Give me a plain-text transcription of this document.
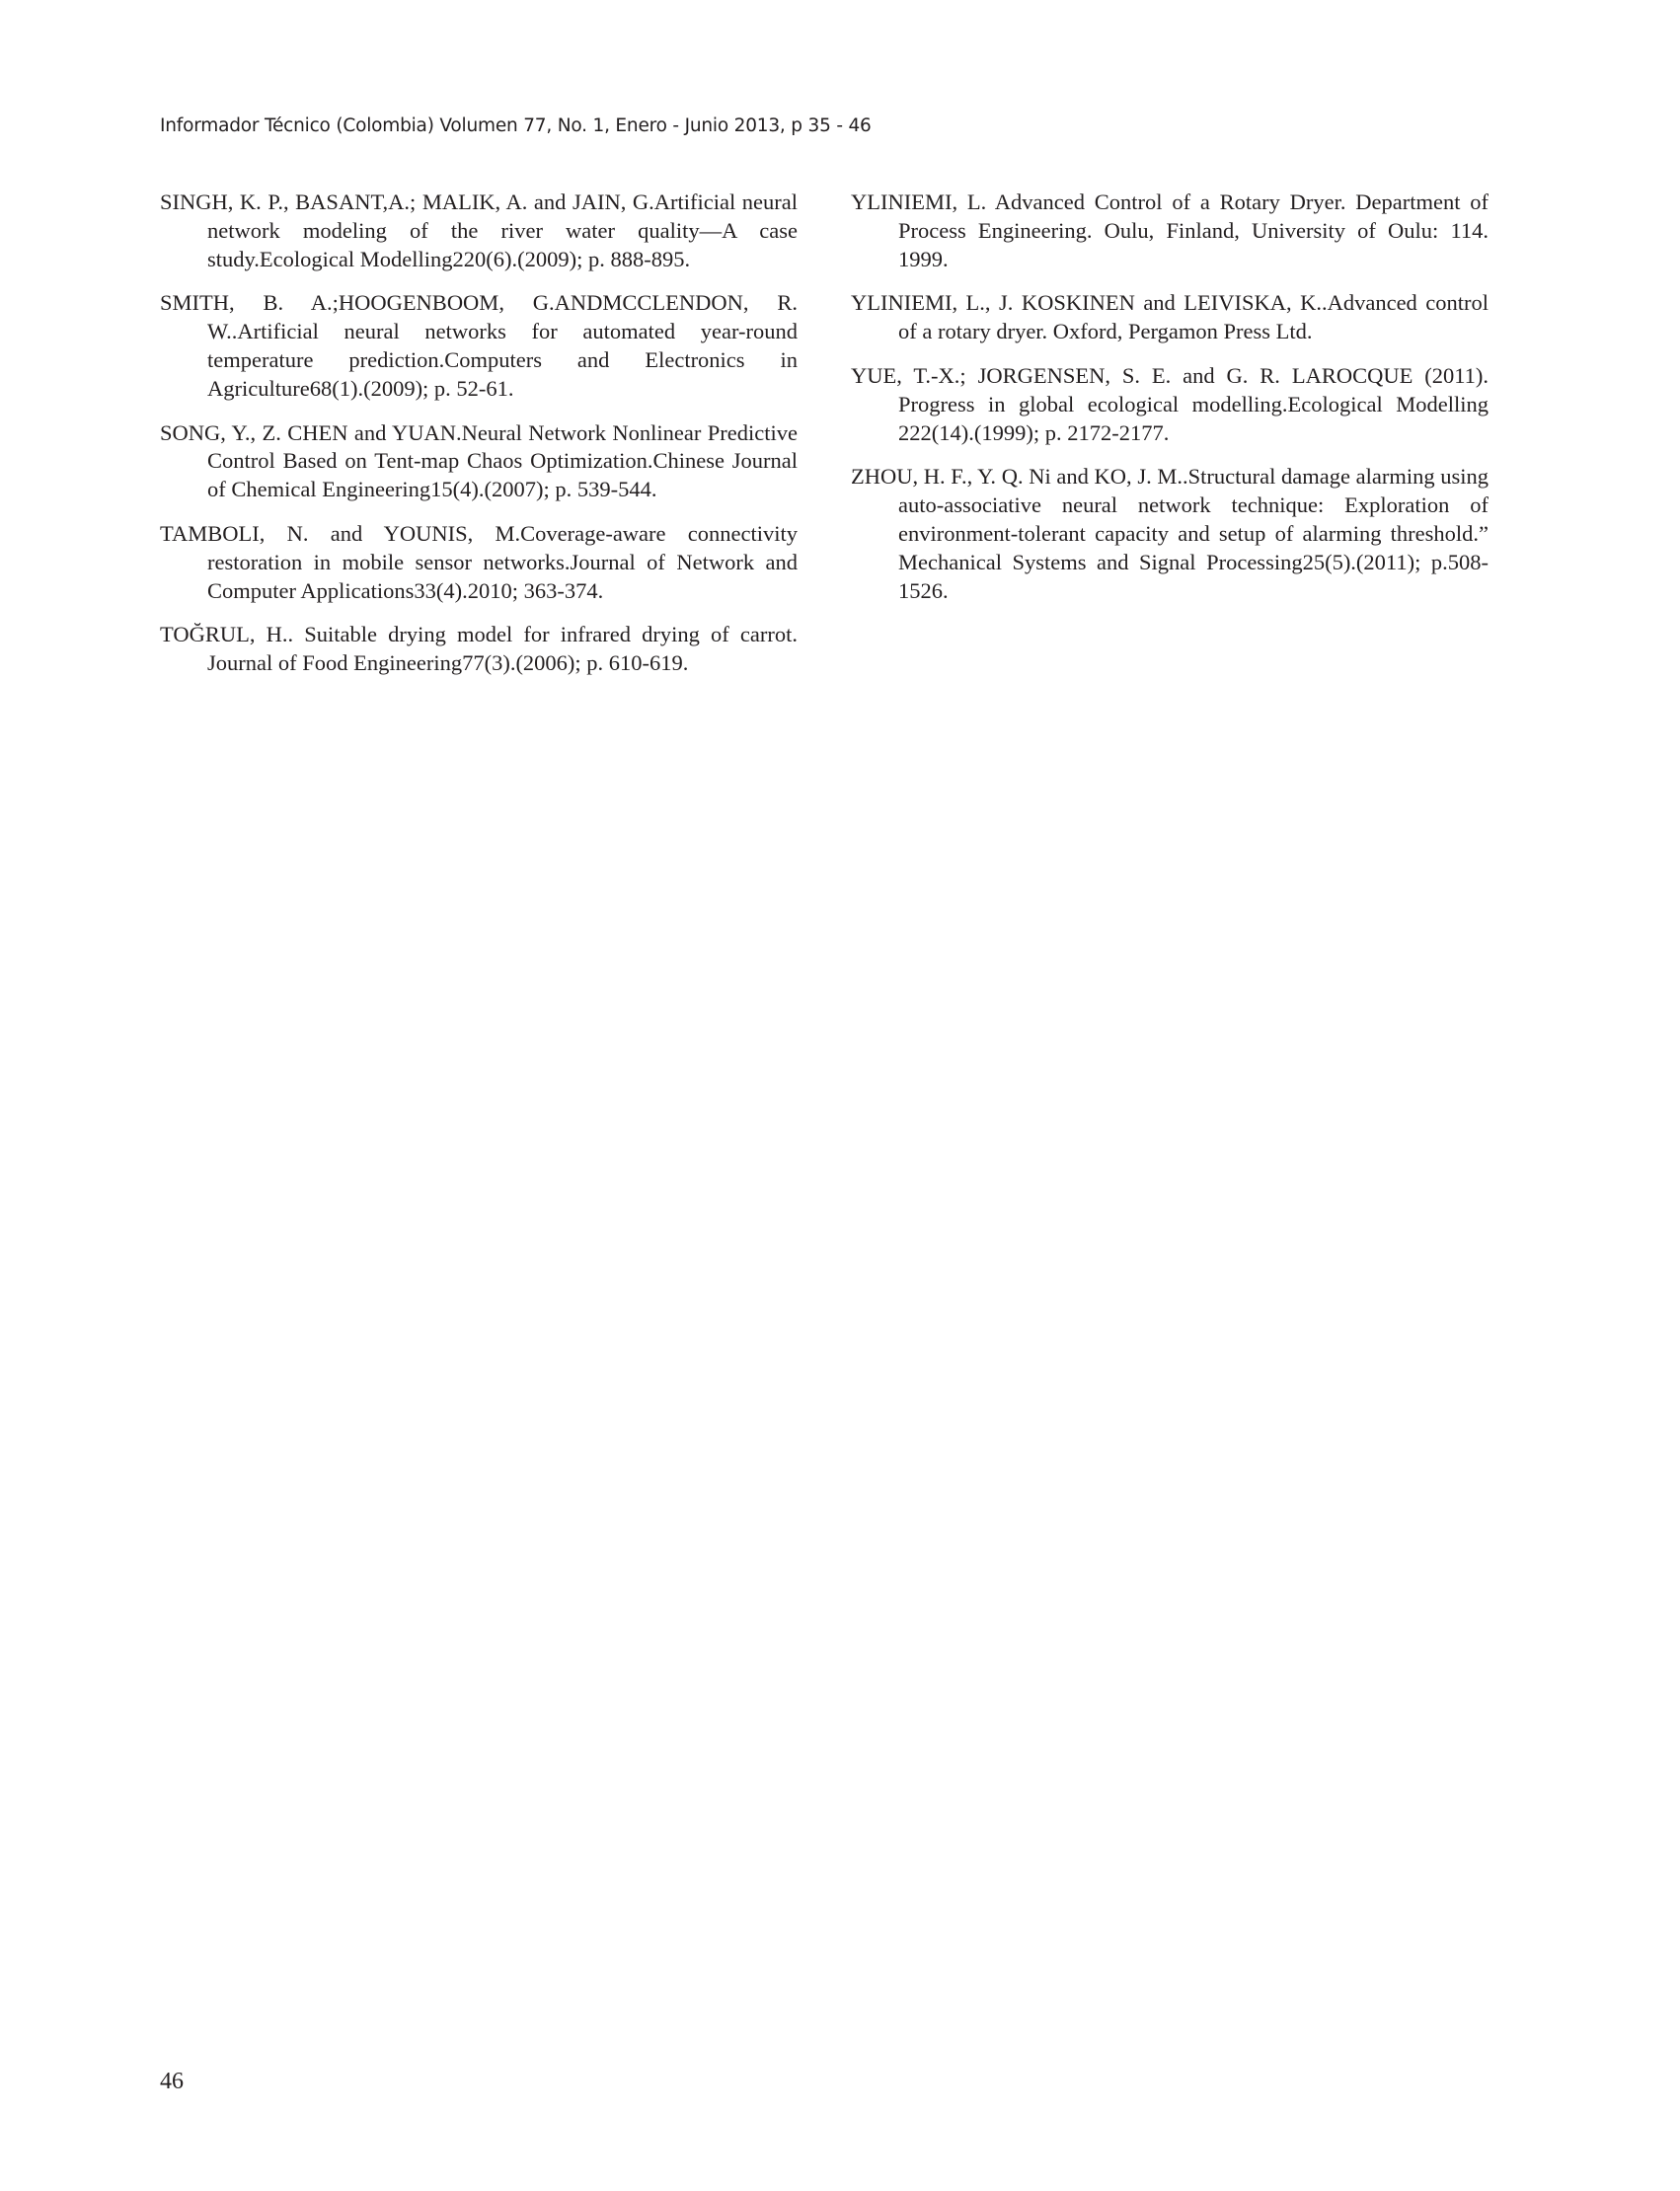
Informador Técnico (Colombia) Volumen 77, No. 1, Enero - Junio 2013, p 35 - 46

SINGH, K. P., BASANT,A.; MALIK, A. and JAIN, G.Artificial neural network modeling of the river water quality—A case study.Ecological Modelling220(6).(2009); p. 888-895.

SMITH, B. A.;HOOGENBOOM, G.ANDMCCLENDON, R. W..Artificial neural networks for automated year-round temperature prediction.Computers and Electronics in Agriculture68(1).(2009); p. 52-61.

SONG, Y., Z. CHEN and YUAN.Neural Network Nonlinear Predictive Control Based on Tent-map Chaos Optimization.Chinese Journal of Chemical Engineering15(4).(2007); p. 539-544.

TAMBOLI, N. and YOUNIS, M.Coverage-aware connectivity restoration in mobile sensor networks.Journal of Network and Computer Applications33(4).2010; 363-374.

TOĞRUL, H.. Suitable drying model for infrared drying of carrot. Journal of Food Engineering77(3).(2006); p. 610-619.

YLINIEMI, L. Advanced Control of a Rotary Dryer. Department of Process Engineering. Oulu, Finland, University of Oulu: 114. 1999.

YLINIEMI, L., J. KOSKINEN and LEIVISKA, K..Advanced control of a rotary dryer. Oxford, Pergamon Press Ltd.

YUE, T.-X.; JORGENSEN, S. E. and G. R. LAROCQUE (2011). Progress in global ecological modelling.Ecological Modelling 222(14).(1999); p. 2172-2177.

ZHOU, H. F., Y. Q. Ni and KO, J. M..Structural damage alarming using auto-associative neural network technique: Exploration of environment-tolerant capacity and setup of alarming threshold.” Mechanical Systems and Signal Processing25(5).(2011); p.508-1526.

46
